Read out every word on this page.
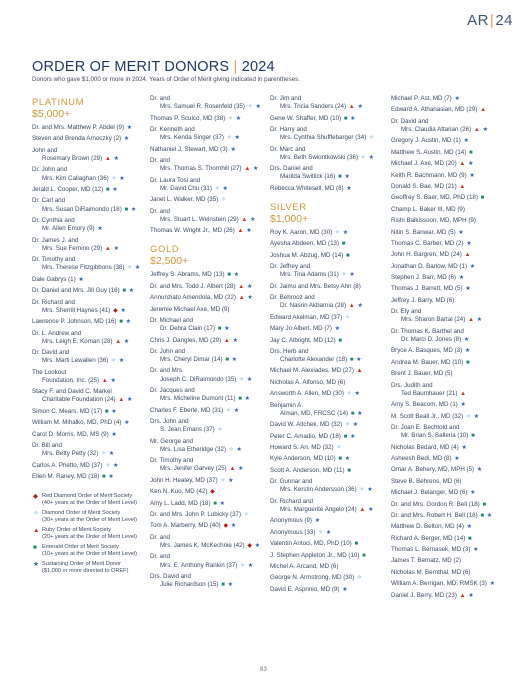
AR|24
ORDER OF MERIT DONORS | 2024
Donors who gave $1,000 or more in 2024. Years of Order of Merit giving indicated in parentheses.
PLATINUM
$5,000+
Dr. and Mrs. Matthew P. Abdel (9) ★
Steven and Brenda Arnoczky (2) ★
John and
Rosemary Brown (29) ▲ ★
Dr. John and
Mrs. Kim Callaghan (36) ✧ ★
Jerald L. Cooper, MD (12) ■ ★
Dr. Carl and
Mrs. Susan DiRaimondo (18) ■ ★
Dr. Cynthia and
Mr. Allen Emory (9) ★
Dr. James J. and
Mrs. Sue Fernino (29) ▲ ★
Dr. Timothy and
Mrs. Therese Fitzgibbons (38) ✧ ★
Dale Gabrys (1) ★
Dr. Daniel and Mrs. Jill Guy (16) ■ ★
Dr. Richard and
Mrs. Sherrill Haynes (41) ◆ ★
Lawrence P. Johnson, MD (16) ■ ★
Dr. L. Andrew and
Mrs. Leigh E. Koman (28) ▲ ★
Dr. David and
Mrs. Marti Lewallen (36) ✧ ★
The Lookout
Foundation, Inc. (25) ▲ ★
Stacy F. and David C. Markel
Charitable Foundation (24) ▲ ★
Simon C. Mears, MD (17) ■ ★
William M. Mihalko, MD, PhD (4) ★
Carol D. Morris, MD, MS (9) ★
Dr. Bill and
Mrs. Betty Petty (32) ✧ ★
Carlos A. Prietto, MD (37) ✧ ★
Ellen M. Raney, MD (18) ■ ★
◆ Red Diamond Order of Merit Society
(40+ years at the Order of Merit Level)
✧ Diamond Order of Merit Society
(30+ years at the Order of Merit Level)
▲ Ruby Order of Merit Society
(20+ years at the Order of Merit Level)
■ Emerald Order of Merit Society
(10+ years at the Order of Merit Level)
★ Sustaining Order of Merit Donor
($1,000 or more directed to OREF)
Dr. and
Mrs. Samuel R. Rosenfeld (35) ✧ ★
Thomas P. Sculco, MD (38) ✧ ★
Dr. Kenneth and
Mrs. Kenda Singer (37) ✧ ★
Nathaniel J. Stewart, MD (3) ★
Dr. and
Mrs. Thomas S. Thornhill (27) ▲ ★
Dr. Laura Tosi and
Mr. David Chu (31) ✧ ★
Janet L. Walker, MD (35) ✧
Dr. and
Mrs. Stuart L. Weinstein (29) ▲ ★
Thomas W. Wright Jr., MD (26) ▲ ★
GOLD
$2,500+
Jeffrey S. Abrams, MD (13) ■ ★
Dr. and Mrs. Todd J. Albert (28) ▲ ★
Annunziato Amendola, MD (22) ▲ ★
Jeremie Michael Axe, MD (9)
Dr. Michael and
Dr. Debra Clain (17) ■ ★
Chris J. Dangles, MD (29) ▲ ★
Dr. John and
Mrs. Cheryl Dimar (14) ■ ★
Dr. and Mrs.
Joseph C. DiRaimondo (35) ✧ ★
Dr. Jacques and
Mrs. Micheline Dumont (11) ■ ★
Charles F. Eberle, MD (31) ✧ ★
Drs. John and
S. Jean Emans (37) ✧
Mr. George and
Mrs. Lisa Etheridge (32) ✧ ★
Dr. Timothy and
Mrs. Jenifer Garvey (25) ▲ ★
John H. Healey, MD (37) ✧ ★
Ken N. Kuo, MD (42) ◆
Amy L. Ladd, MD (18) ■ ★
Dr. and Mrs. John P. Lubicky (37) ✧
Tom A. Marberry, MD (40) ◆ ★
Dr. and
Mrs. James K. McKechnie (42) ◆ ★
Dr. and
Mrs. E. Anthony Rankin (37) ✧ ★
Drs. David and
Julie Richardson (15) ■ ★
Dr. Jim and
Mrs. Tricia Sanders (24) ▲ ★
Gene W. Shaffer, MD (10) ■ ★
Dr. Harry and
Mrs. Cynthia Shufflebarger (34) ✧
Dr. Marc and
Mrs. Beth Swiontkowski (36) ✧ ★
Drs. Daniel and
Marilda Switlick (16) ■ ★
Rebecca Whitesell, MD (8) ★
SILVER
$1,000+
Roy K. Aaron, MD (30) ✧ ★
Ayesha Abdeen, MD (13) ■
Joshua M. Abzug, MD (14) ■
Dr. Jeffrey and
Mrs. Tina Adams (31) ✧ ★
Dr. Jaimo and Mrs. Betsy Ahn (8)
Dr. Behrooz and
Dr. Nasrin Akbarnia (28) ▲ ★
Edward Akelman, MD (37) ✧
Mary Jo Albert, MD (7) ★
Jay C. Albright, MD (12) ■
Drs. Herb and
Charlotte Alexander (18) ■ ★
Michael M. Alexiades, MD (27) ▲
Nicholas A. Alfonso, MD (6)
Answorth A. Allen, MD (30) ✧ ★
Benjamin A.
Alman, MD, FRCSC (14) ■ ★
David W. Altchek, MD (32) ✧ ★
Peter C. Amadio, MD (18) ■ ★
Howard S. An, MD (32) ✧
Kyle Anderson, MD (10) ■ ★
Scott A. Anderson, MD (11) ■
Dr. Gunnar and
Mrs. Kerstin Andersson (36) ✧ ★
Dr. Richard and
Mrs. Marguerite Angelo (24) ▲ ★
Anonymous (9) ★
Anonymous (33) ✧ ★
Valentin Antoci, MD, PhD (10) ■
J. Stephen Appleton Jr., MD (10) ■
Michel A. Arcand, MD (6)
George N. Armstrong, MD (30) ✧
David E. Asprinio, MD (9) ★
Michael P. Ast, MD (7) ★
Edward A. Athanasian, MD (29) ▲
Dr. David and
Mrs. Claudia Attarian (26) ▲ ★
Gregory J. Austin, MD (1) ★
Matthew S. Austin, MD (14) ■
Michael J. Axe, MD (20) ▲ ★
Keith R. Bachmann, MD (9) ★
Donald S. Bae, MD (21) ▲
Geoffrey S. Baer, MD, PhD (18) ■
Champ L. Baker III, MD (9)
Rishi Balkissoon, MD, MPH (9)
Nitin S. Banwar, MD (5) ★
Thomas C. Barber, MD (2) ★
John H. Bargren, MD (24) ▲
Jonathan D. Barlow, MD (1) ★
Stephen J. Barr, MD (6) ★
Thomas J. Barrett, MD (5) ★
Jeffrey J. Barry, MD (6)
Dr. Ely and
Mrs. Sharon Bartal (24) ▲ ★
Dr. Thomas K. Barthel and
Dr. Marci D. Jones (8) ★
Bryce A. Basques, MD (3) ★
Andrea M. Bauer, MD (10) ■
Brent J. Bauer, MD (5)
Drs. Judith and
Ted Baumhauer (21) ▲
Amy S. Beacom, MD (1) ★
M. Scott Beall Jr., MD (32) ✧ ★
Dr. Joan E. Bechtold and
Mr. Brian S. Balleria (10) ■
Nicholas Bedard, MD (4) ★
Asheesh Bedi, MD (8) ★
Omar A. Behery, MD, MPH (5) ★
Steve B. Behrens, MD (6)
Michael J. Belanger, MD (6) ★
Dr. and Mrs. Gordon R. Bell (18) ■
Dr. and Mrs. Robert H. Bell (18) ■ ★
Matthew D. Belton, MD (4) ★
Richard A. Berger, MD (14) ■
Thomas L. Bernasek, MD (3) ★
James T. Bernatz, MD (2)
Nicholas M. Bernthal, MD (6)
William A. Berrigan, MD, RMSK (3) ★
Daniel J. Berry, MD (23) ▲ ★
83
